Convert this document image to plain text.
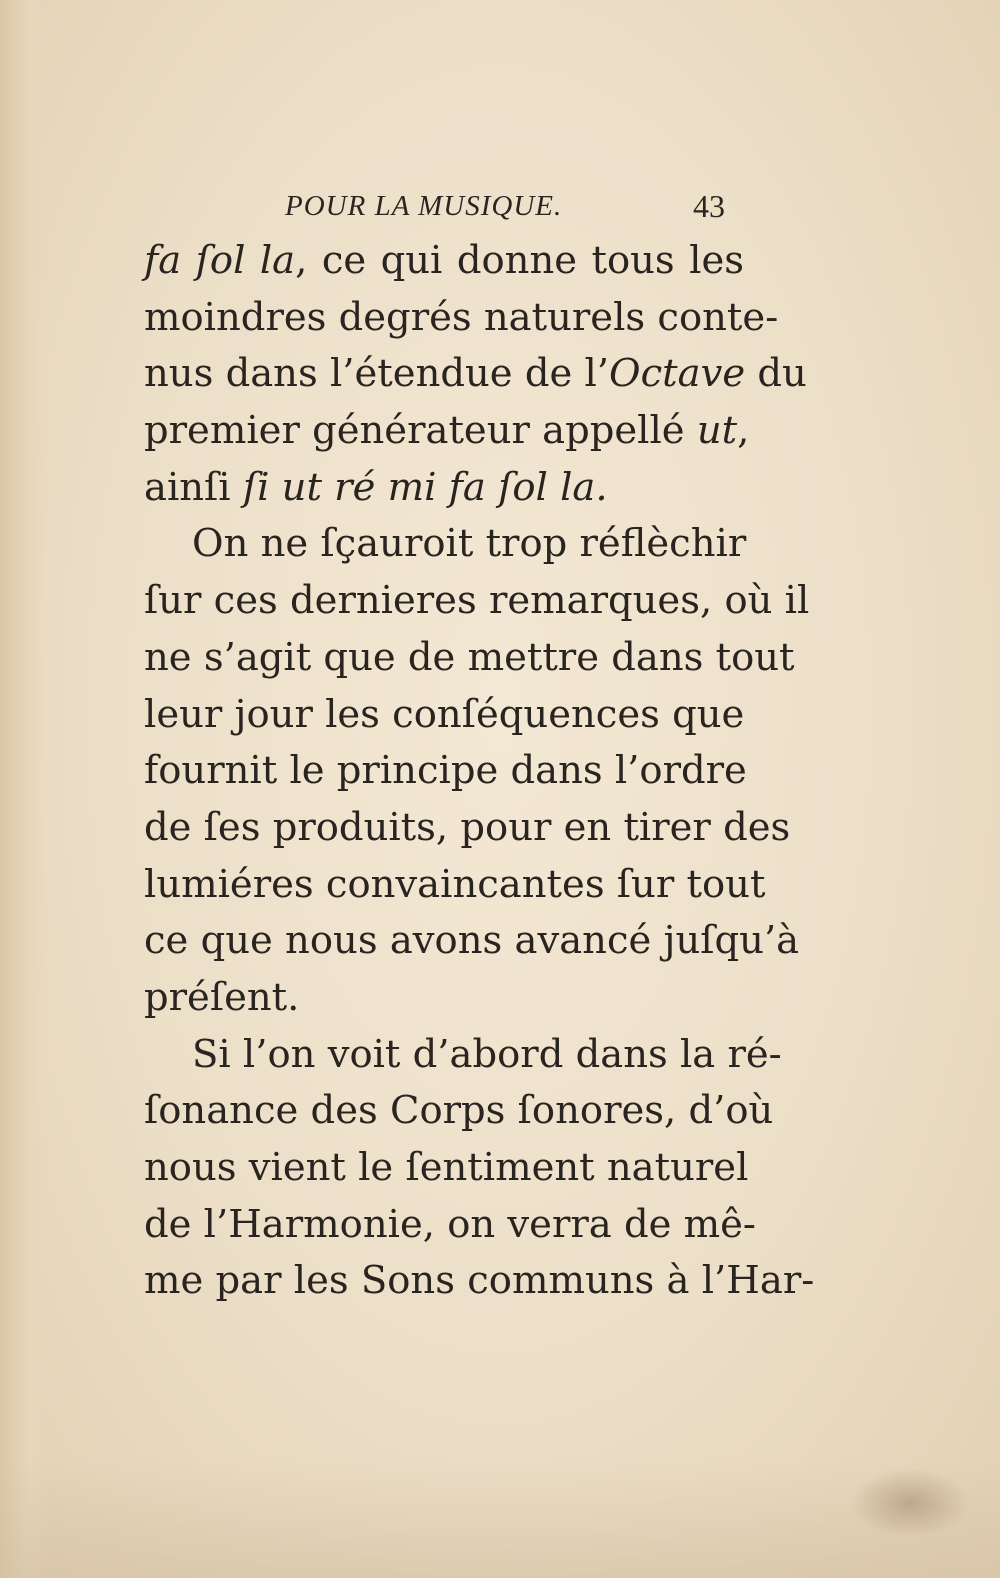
POUR LA MUSIQUE.	43
fa ſol la, ce qui donne tous les
moindres degrés naturels conte-
nus dans l’étendue de l’Octave du
premier générateur appellé ut,
ainſi ſi ut ré mi fa ſol la.
On ne ſçauroit trop réflèchir
ſur ces dernieres remarques, où il
ne s’agit que de mettre dans tout
leur jour les conſéquences que
fournit le principe dans l’ordre
de ſes produits, pour en tirer des
lumiéres convaincantes ſur tout
ce que nous avons avancé juſqu’à
préſent.
Si l’on voit d’abord dans la ré-
ſonance des Corps ſonores, d’où
nous vient le ſentiment naturel
de l’Harmonie, on verra de mê-
me par les Sons communs à l’Har-
